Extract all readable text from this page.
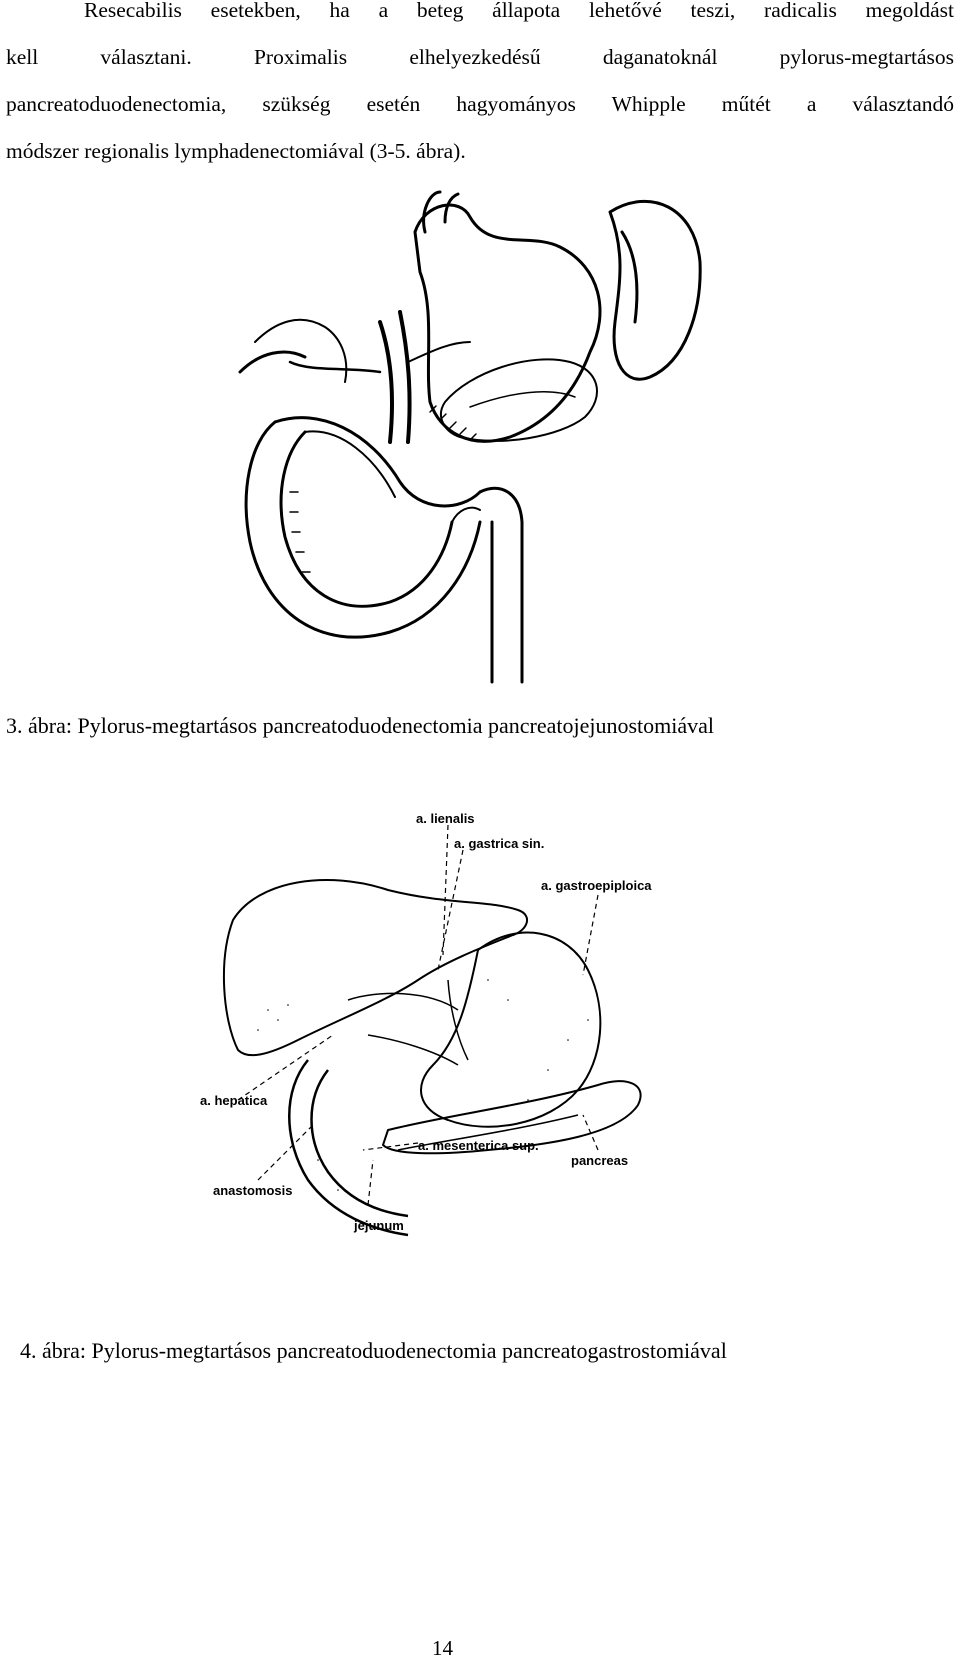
Resecabilis esetekben, ha a beteg állapota lehetővé teszi, radicalis megoldást
kell választani. Proximalis elhelyezkedésű daganatoknál pylorus-megtartásos
pancreatoduodenectomia, szükség esetén hagyományos Whipple műtét a választandó
módszer regionalis lymphadenectomiával (3-5. ábra).
3. ábra: Pylorus-megtartásos pancreatoduodenectomia pancreatojejunostomiával
a. lienalis
a. gastrica sin.
a. gastroepiploica
a. hepatica
a. mesenterica sup.
pancreas
anastomosis
jejunum
4. ábra: Pylorus-megtartásos pancreatoduodenectomia pancreatogastrostomiával
14
